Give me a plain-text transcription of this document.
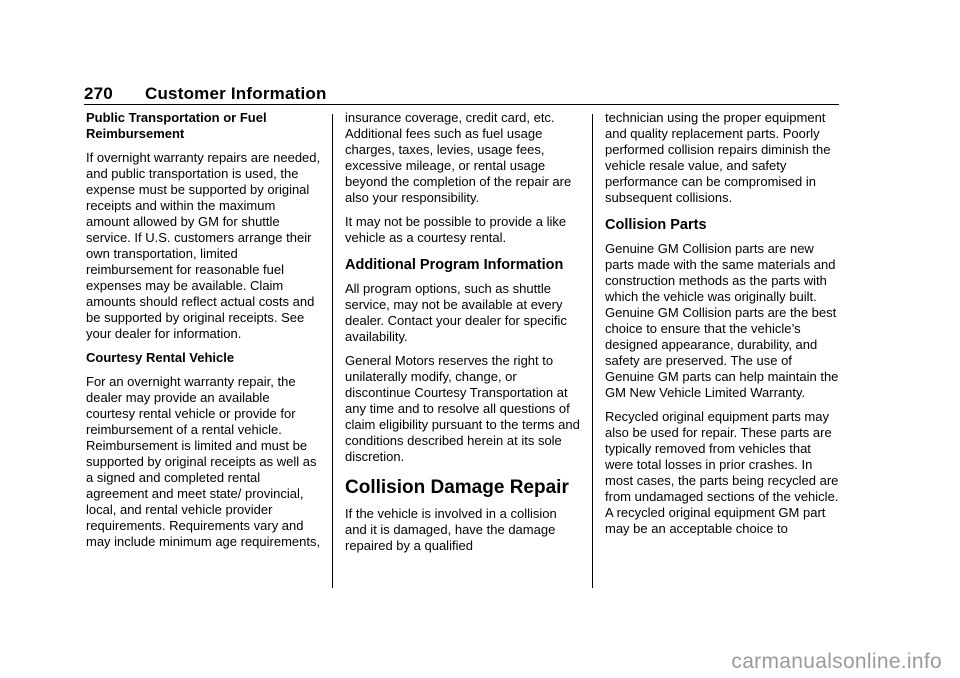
270 Customer Information

Public Transportation or Fuel Reimbursement

If overnight warranty repairs are needed, and public transportation is used, the expense must be supported by original receipts and within the maximum amount allowed by GM for shuttle service. If U.S. customers arrange their own transportation, limited reimbursement for reasonable fuel expenses may be available. Claim amounts should reflect actual costs and be supported by original receipts. See your dealer for information.

Courtesy Rental Vehicle

For an overnight warranty repair, the dealer may provide an available courtesy rental vehicle or provide for reimbursement of a rental vehicle. Reimbursement is limited and must be supported by original receipts as well as a signed and completed rental agreement and meet state/ provincial, local, and rental vehicle provider requirements. Requirements vary and may include minimum age requirements,

insurance coverage, credit card, etc. Additional fees such as fuel usage charges, taxes, levies, usage fees, excessive mileage, or rental usage beyond the completion of the repair are also your responsibility.

It may not be possible to provide a like vehicle as a courtesy rental.

Additional Program Information

All program options, such as shuttle service, may not be available at every dealer. Contact your dealer for specific availability.

General Motors reserves the right to unilaterally modify, change, or discontinue Courtesy Transportation at any time and to resolve all questions of claim eligibility pursuant to the terms and conditions described herein at its sole discretion.

Collision Damage Repair

If the vehicle is involved in a collision and it is damaged, have the damage repaired by a qualified

technician using the proper equipment and quality replacement parts. Poorly performed collision repairs diminish the vehicle resale value, and safety performance can be compromised in subsequent collisions.

Collision Parts

Genuine GM Collision parts are new parts made with the same materials and construction methods as the parts with which the vehicle was originally built. Genuine GM Collision parts are the best choice to ensure that the vehicle’s designed appearance, durability, and safety are preserved. The use of Genuine GM parts can help maintain the GM New Vehicle Limited Warranty.

Recycled original equipment parts may also be used for repair. These parts are typically removed from vehicles that were total losses in prior crashes. In most cases, the parts being recycled are from undamaged sections of the vehicle. A recycled original equipment GM part may be an acceptable choice to

carmanualsonline.info
